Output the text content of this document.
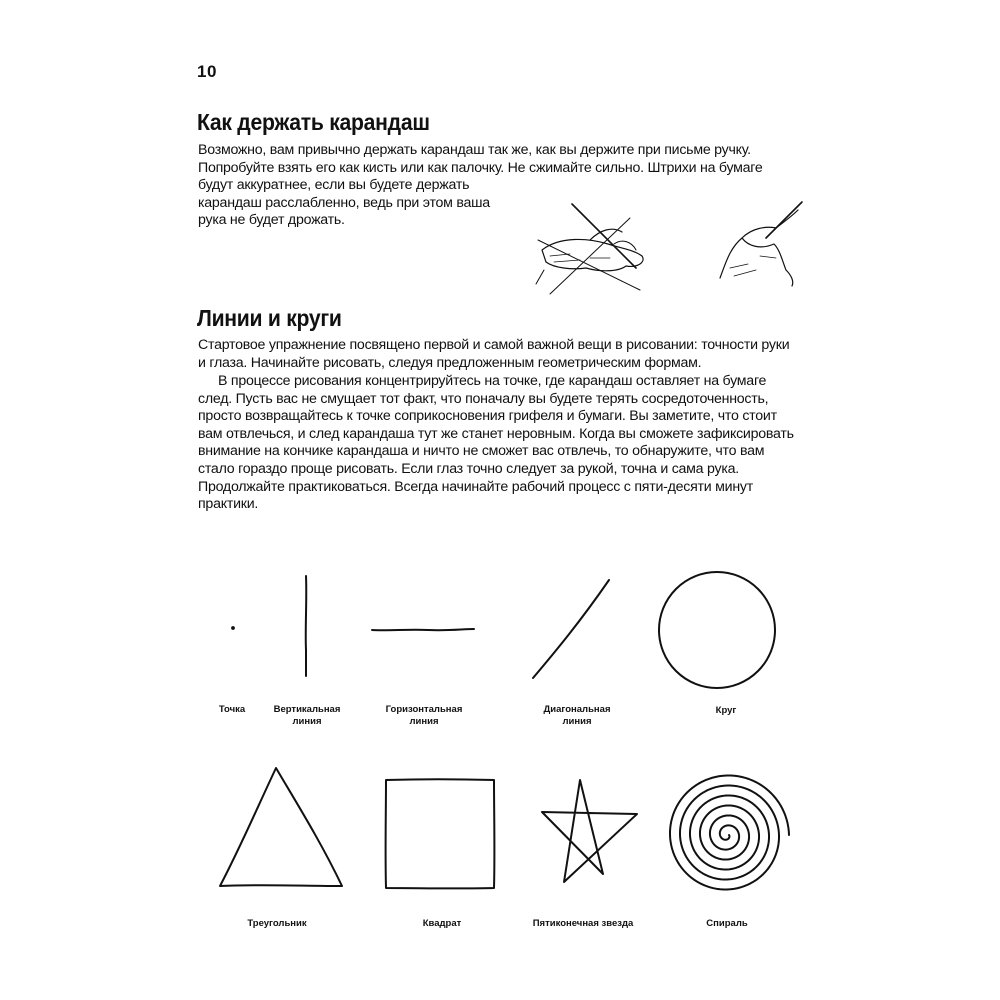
10
Как держать карандаш
Возможно, вам привычно держать карандаш так же, как вы держите при письме ручку. Попробуйте взять его как кисть или как палочку. Не сжимайте сильно. Штрихи на бумаге
будут аккуратнее, если вы будете держать карандаш расслабленно, ведь при этом ваша рука не будет дрожать.
Линии и круги
Стартовое упражнение посвящено первой и самой важной вещи в рисовании: точности руки и глаза. Начинайте рисовать, следуя предложенным геометрическим формам.
В процессе рисования концентрируйтесь на точке, где карандаш оставляет на бумаге след. Пусть вас не смущает тот факт, что поначалу вы будете терять сосредоточенность, просто возвращайтесь к точке соприкосновения грифеля и бумаги. Вы заметите, что стоит вам отвлечься, и след карандаша тут же станет неровным. Когда вы сможете зафиксировать внимание на кончике карандаша и ничто не сможет вас отвлечь, то обнаружите, что вам стало гораздо проще рисовать. Если глаз точно следует за рукой, точна и сама рука. Продолжайте практиковаться. Всегда начинайте рабочий процесс с пяти-десяти минут практики.
Точка	Вертикальная
линия
Горизонтальная
линия
Диагональная
линия
Круг
Треугольник	Квадрат	Пятиконечная звезда	Спираль
